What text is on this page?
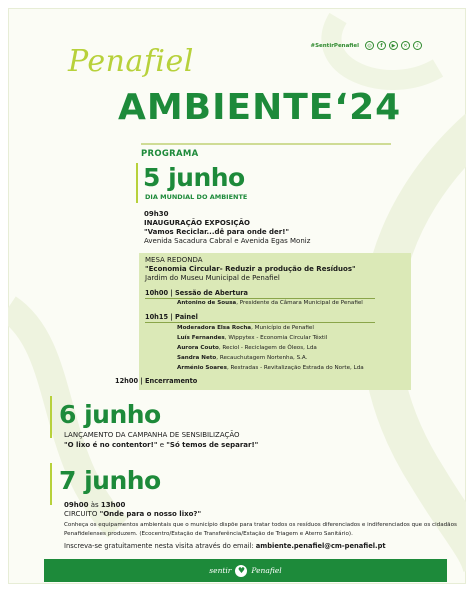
#SentirPenafiel	◎	f	▶	✕	♪
Penafiel
AMBIENTE‘24
PROGRAMA
5 junho
DIA MUNDIAL DO AMBIENTE
09h30
INAUGURAÇÃO EXPOSIÇÃO
"Vamos Reciclar...dê para onde der!"
Avenida Sacadura Cabral e Avenida Egas Moniz
MESA REDONDA
"Economia Circular- Reduzir a produção de Resíduos"
Jardim do Museu Municipal de Penafiel
10h00 | Sessão de Abertura
Antonino de Sousa, Presidente da Câmara Municipal de Penafiel
10h15 | Painel
Moderadora Elsa Rocha, Município de Penafiel
Luís Fernandes, Wippytex - Economia Circular Têxtil
Aurora Couto, Reciol - Reciclagem de Óleos, Lda
Sandra Neto, Recauchutagem Nortenha, S.A.
Arménio Soares, Restradas - Revitalização Estrada do Norte, Lda
12h00 | Encerramento
6 junho
LANÇAMENTO DA CAMPANHA DE SENSIBILIZAÇÃO
"O lixo é no contentor!" e "Só temos de separar!"
7 junho
09h00 às 13h00
CIRCUITO "Onde para o nosso lixo?"
Conheça os equipamentos ambientais que o município dispõe para tratar todos os resíduos diferenciados e indiferenciados que os cidadãos
Penafidelenses produzem. (Ecocentro/Estação de Transferência/Estação de Triagem e Aterro Sanitário).
Inscreva-se gratuitamente nesta visita através do email: ambiente.penafiel@cm-penafiel.pt
sentir ♥ Penafiel
